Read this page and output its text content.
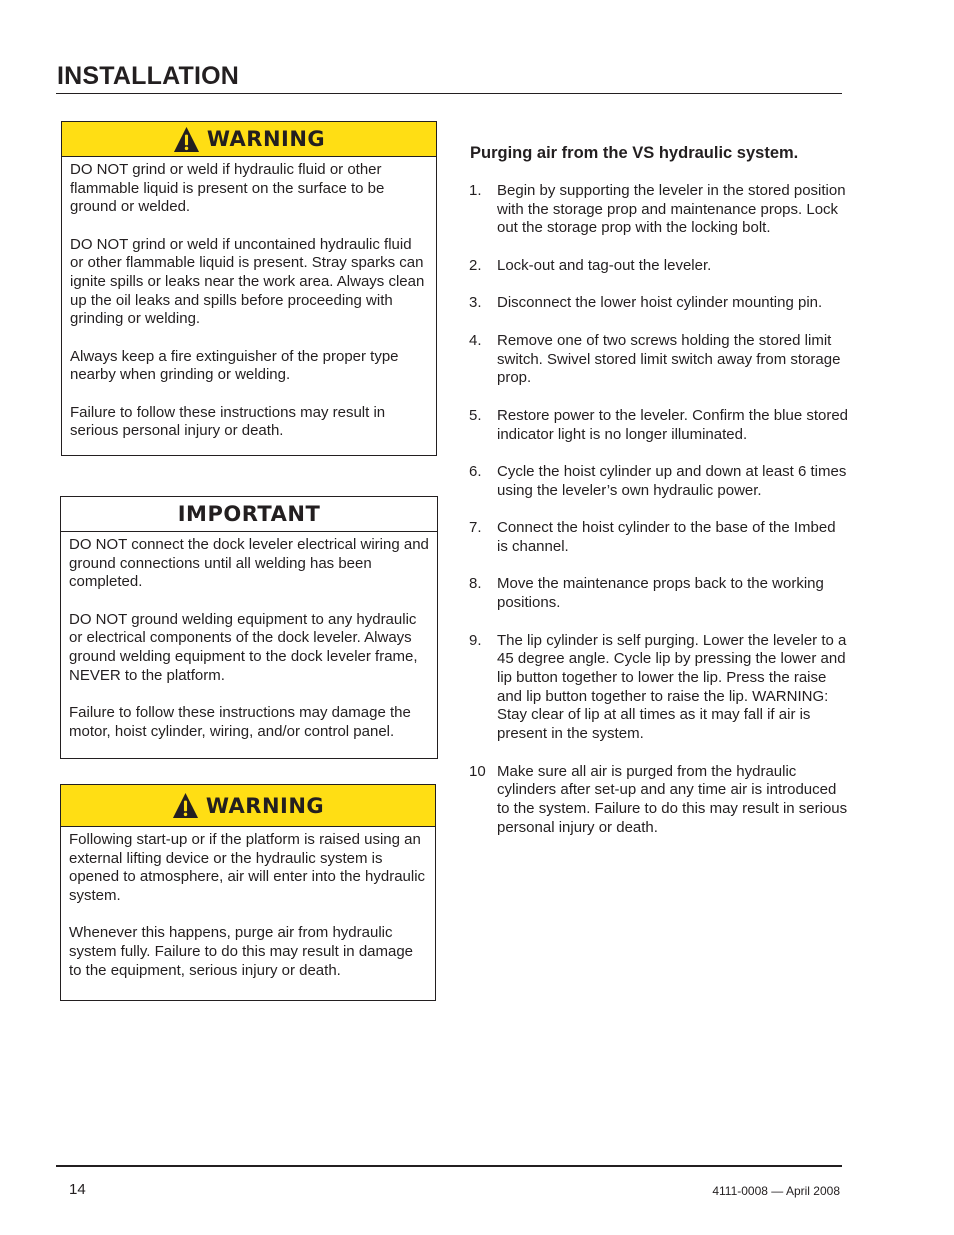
INSTALLATION
WARNING

DO NOT grind or weld if hydraulic fluid or other flammable liquid is present on the surface to be ground or welded.

DO NOT grind or weld if uncontained hydraulic fluid or other flammable liquid is present. Stray sparks can ignite spills or leaks near the work area. Always clean up the oil leaks and spills before proceeding with grinding or welding.

Always keep a fire extinguisher of the proper type nearby when grinding or welding.

Failure to follow these instructions may result in serious personal injury or death.

IMPORTANT

DO NOT connect the dock leveler electrical wiring and ground connections until all welding has been completed.

DO NOT ground welding equipment to any hydraulic or electrical components of the dock leveler. Always ground welding equipment to the dock leveler frame, NEVER to the platform.

Failure to follow these instructions may damage the motor, hoist cylinder, wiring, and/or control panel.

WARNING

Following start-up or if the platform is raised using an external lifting device or the hydraulic system is opened to atmosphere, air will enter into the hydraulic system.

Whenever this happens, purge air from hydraulic system fully. Failure to do this may result in damage to the equipment, serious injury or death.

Purging air from the VS hydraulic system.
1.	Begin by supporting the leveler in the stored position with the storage prop and maintenance props. Lock out the storage prop with the locking bolt.
2.	Lock-out and tag-out the leveler.
3.	Disconnect the lower hoist cylinder mounting pin.
4.	Remove one of two screws holding the stored limit switch. Swivel stored limit switch away from storage prop.
5.	Restore power to the leveler. Confirm the blue stored indicator light is no longer illuminated.
6.	Cycle the hoist cylinder up and down at least 6 times using the leveler’s own hydraulic power.
7.	Connect the hoist cylinder to the base of the Imbed is channel.
8.	Move the maintenance props back to the working positions.
9.	The lip cylinder is self purging. Lower the leveler to a 45 degree angle. Cycle lip by pressing the lower and lip button together to lower the lip. Press the raise and lip button together to raise the lip. WARNING: Stay clear of lip at all times as it may fall if air is present in the system.
10 Make sure all air is purged from the hydraulic cylinders after set-up and any time air is introduced to the system. Failure to do this may result in serious personal injury or death.
14	4111-0008 — April 2008
